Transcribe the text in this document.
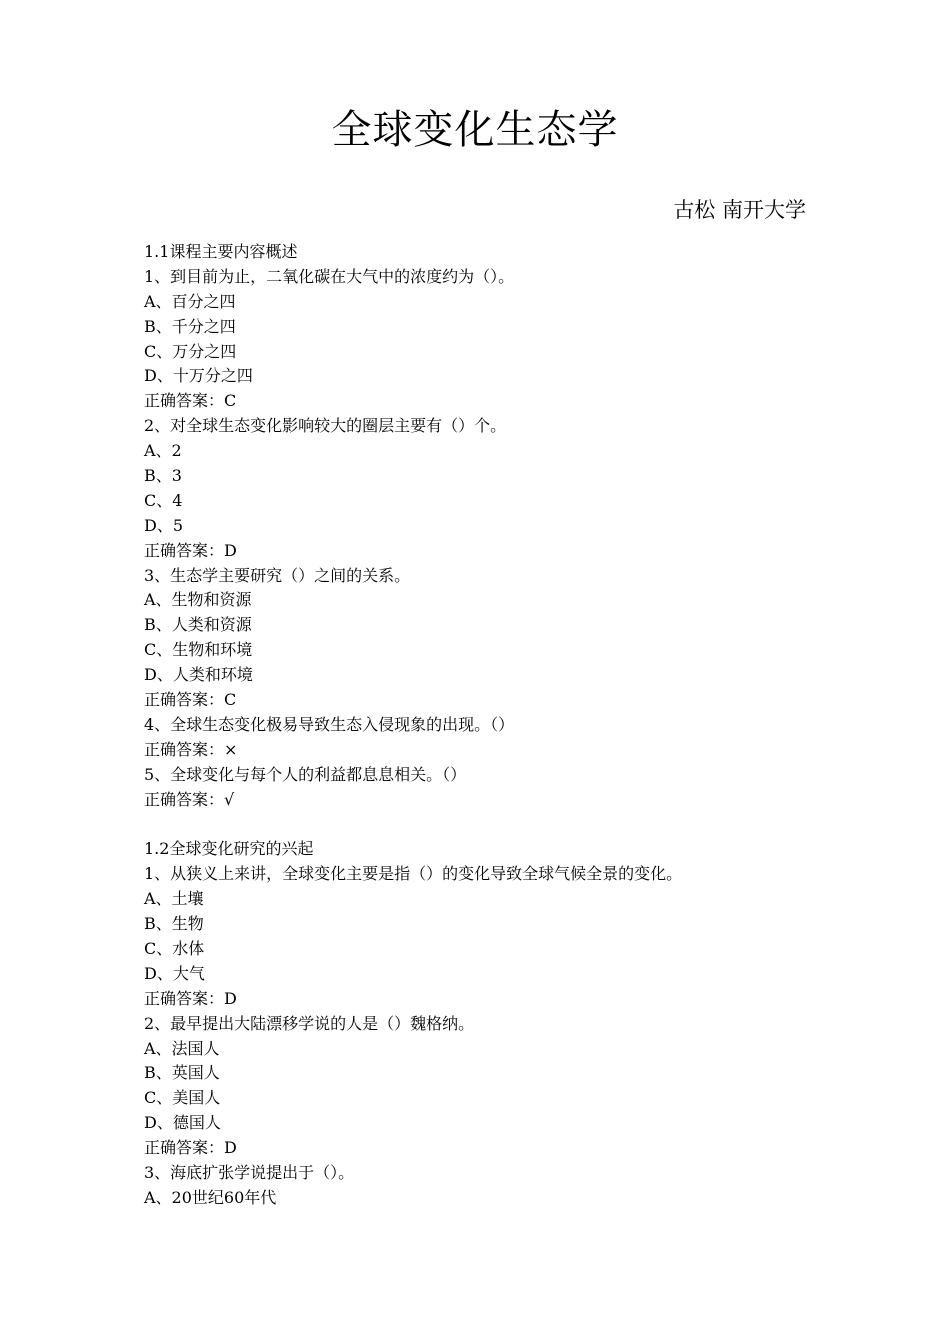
全球变化生态学
古松 南开大学
1.1课程主要内容概述
1、到目前为止，二氧化碳在大气中的浓度约为（）。
A、百分之四
B、千分之四
C、万分之四
D、十万分之四
正确答案：C
2、对全球生态变化影响较大的圈层主要有（）个。
A、2
B、3
C、4
D、5
正确答案：D
3、生态学主要研究（）之间的关系。
A、生物和资源
B、人类和资源
C、生物和环境
D、人类和环境
正确答案：C
4、全球生态变化极易导致生态入侵现象的出现。（）
正确答案：×
5、全球变化与每个人的利益都息息相关。（）
正确答案：√
1.2全球变化研究的兴起
1、从狭义上来讲，全球变化主要是指（）的变化导致全球气候全景的变化。
A、土壤
B、生物
C、水体
D、大气
正确答案：D
2、最早提出大陆漂移学说的人是（）魏格纳。
A、法国人
B、英国人
C、美国人
D、德国人
正确答案：D
3、海底扩张学说提出于（）。
A、20世纪60年代
